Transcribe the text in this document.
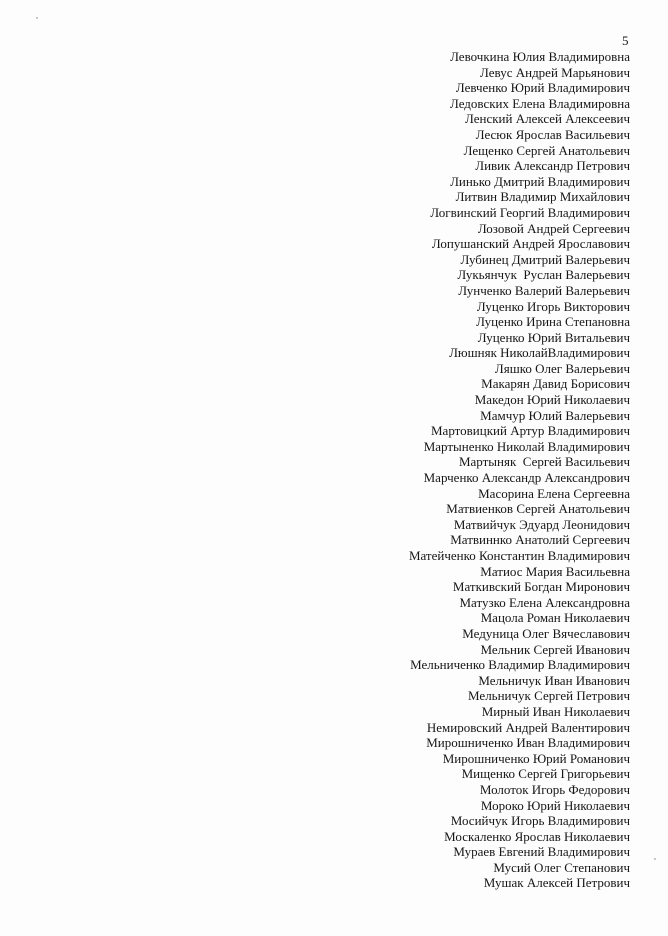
5
Левочкина Юлия Владимировна
Левус Андрей Марьянович
Левченко Юрий Владимирович
Ледовских Елена Владимировна
Ленский Алексей Алексеевич
Лесюк Ярослав Васильевич
Лещенко Сергей Анатольевич
Ливик Александр Петрович
Линько Дмитрий Владимирович
Литвин Владимир Михайлович
Логвинский Георгий Владимирович
Лозовой Андрей Сергеевич
Лопушанский Андрей Ярославович
Лубинец Дмитрий Валерьевич
Лукьянчук  Руслан Валерьевич
Лунченко Валерий Валерьевич
Луценко Игорь Викторович
Луценко Ирина Степановна
Луценко Юрий Витальевич
Люшняк НиколайВладимирович
Ляшко Олег Валерьевич
Макарян Давид Борисович
Македон Юрий Николаевич
Мамчур Юлий Валерьевич
Мартовицкий Артур Владимирович
Мартыненко Николай Владимирович
Мартыняк  Сергей Васильевич
Марченко Александр Александрович
Масорина Елена Сергеевна
Матвиенков Сергей Анатольевич
Матвийчук Эдуард Леонидович
Матвиннко Анатолий Сергеевич
Матейченко Константин Владимирович
Матиос Мария Васильевна
Маткивский Богдан Миронович
Матузко Елена Александровна
Мацола Роман Николаевич
Медуница Олег Вячеславович
Мельник Сергей Иванович
Мельниченко Владимир Владимирович
Мельничук Иван Иванович
Мельничук Сергей Петрович
Мирный Иван Николаевич
Немировский Андрей Валентирович
Мирошниченко Иван Владимирович
Мирошниченко Юрий Романович
Мищенко Сергей Григорьевич
Молоток Игорь Федорович
Мороко Юрий Николаевич
Мосийчук Игорь Владимирович
Москаленко Ярослав Николаевич
Мураев Евгений Владимирович
Мусий Олег Степанович
Мушак Алексей Петрович
